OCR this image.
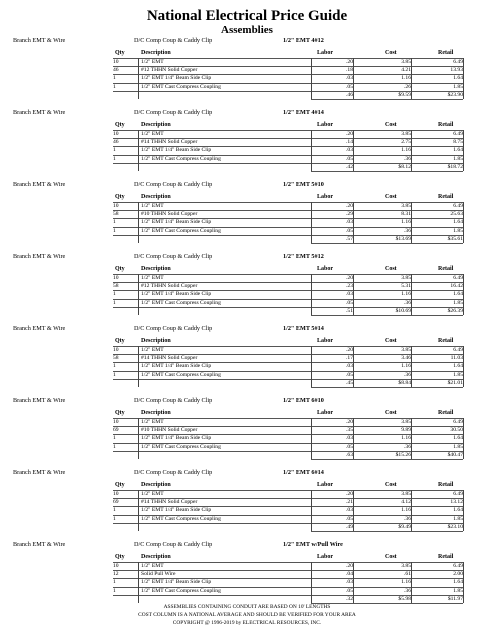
National Electrical Price Guide
Assemblies
Branch EMT & Wire	D/C Comp Coup & Caddy Clip	1/2" EMT 4#12
Qty	Description	Labor	Cost	Retail
10	1/2" EMT	.20	3.85	6.49
46	#12 THHN Solid Copper	.18	4.21	13.93
1	1/2" EMT 1/4" Beam Side Clip	.03	1.16	1.64
1	1/2" EMT Cast Compress Coupling	.05	.26	1.85
.46	$9.59	$23.90
Branch EMT & Wire	D/C Comp Coup & Caddy Clip	1/2" EMT 4#14
Qty	Description	Labor	Cost	Retail
10	1/2" EMT	.20	3.85	6.49
46	#14 THHN Solid Copper	.14	2.75	8.75
1	1/2" EMT 1/4" Beam Side Clip	.03	1.16	1.64
1	1/2" EMT Cast Compress Coupling	.05	.36	1.85
.42	$8.12	$18.72
Branch EMT & Wire	D/C Comp Coup & Caddy Clip	1/2" EMT 5#10
Qty	Description	Labor	Cost	Retail
10	1/2" EMT	.20	3.85	6.49
58	#10 THHN Solid Copper	.29	8.31	25.63
1	1/2" EMT 1/4" Beam Side Clip	.03	1.16	1.64
1	1/2" EMT Cast Compress Coupling	.05	.36	1.85
.57	$13.69	$35.61
Branch EMT & Wire	D/C Comp Coup & Caddy Clip	1/2" EMT 5#12
Qty	Description	Labor	Cost	Retail
10	1/2" EMT	.20	3.85	6.49
58	#12 THHN Solid Copper	.23	5.31	16.42
1	1/2" EMT 1/4" Beam Side Clip	.03	1.16	1.64
1	1/2" EMT Cast Compress Coupling	.05	.36	1.85
.51	$10.69	$26.39
Branch EMT & Wire	D/C Comp Coup & Caddy Clip	1/2" EMT 5#14
Qty	Description	Labor	Cost	Retail
10	1/2" EMT	.20	3.85	6.49
58	#14 THHN Solid Copper	.17	3.46	11.03
1	1/2" EMT 1/4" Beam Side Clip	.03	1.16	1.64
1	1/2" EMT Cast Compress Coupling	.05	.36	1.85
.45	$8.84	$21.01
Branch EMT & Wire	D/C Comp Coup & Caddy Clip	1/2" EMT 6#10
Qty	Description	Labor	Cost	Retail
10	1/2" EMT	.20	3.85	6.49
69	#10 THHN Solid Copper	.35	9.89	30.50
1	1/2" EMT 1/4" Beam Side Clip	.03	1.16	1.64
1	1/2" EMT Cast Compress Coupling	.05	.36	1.85
.63	$15.26	$40.47
Branch EMT & Wire	D/C Comp Coup & Caddy Clip	1/2" EMT 6#14
Qty	Description	Labor	Cost	Retail
10	1/2" EMT	.20	3.85	6.49
69	#14 THHN Solid Copper	.21	4.12	13.12
1	1/2" EMT 1/4" Beam Side Clip	.03	1.16	1.64
1	1/2" EMT Cast Compress Coupling	.05	.36	1.85
.49	$9.49	$23.10
Branch EMT & Wire	D/C Comp Coup & Caddy Clip	1/2" EMT w/Pull Wire
Qty	Description	Labor	Cost	Retail
10	1/2" EMT	.20	3.85	6.49
12	Solid Pull Wire	.04	.61	2.00
1	1/2" EMT 1/4" Beam Side Clip	.03	1.16	1.64
1	1/2" EMT Cast Compress Coupling	.05	.36	1.85
.32	$5.98	$11.97
ASSEMBLIES CONTAINING CONDUIT ARE BASED ON 10' LENGTHS
COST COLUMN IS A NATIONAL AVERAGE AND SHOULD BE VERIFIED FOR YOUR AREA
COPYRIGHT @ 1996-2019 by ELECTRICAL RESOURCES, INC.
